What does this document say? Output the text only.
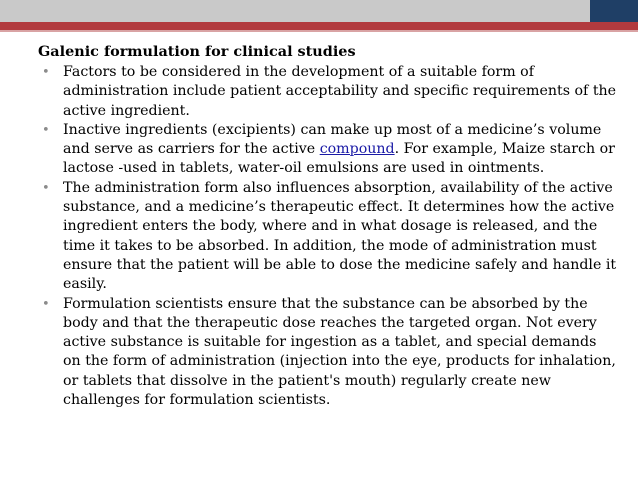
Galenic formulation for clinical studies
• Factors to be considered in the development of a suitable form of administration include patient acceptability and specific requirements of the active ingredient.
• Inactive ingredients (excipients) can make up most of a medicine’s volume and serve as carriers for the active compound. For example, Maize starch or lactose -used in tablets, water-oil emulsions are used in ointments.
• The administration form also influences absorption, availability of the active substance, and a medicine’s therapeutic effect. It determines how the active ingredient enters the body, where and in what dosage is released, and the time it takes to be absorbed. In addition, the mode of administration must ensure that the patient will be able to dose the medicine safely and handle it easily.
• Formulation scientists ensure that the substance can be absorbed by the body and that the therapeutic dose reaches the targeted organ. Not every active substance is suitable for ingestion as a tablet, and special demands on the form of administration (injection into the eye, products for inhalation, or tablets that dissolve in the patient's mouth) regularly create new challenges for formulation scientists.
